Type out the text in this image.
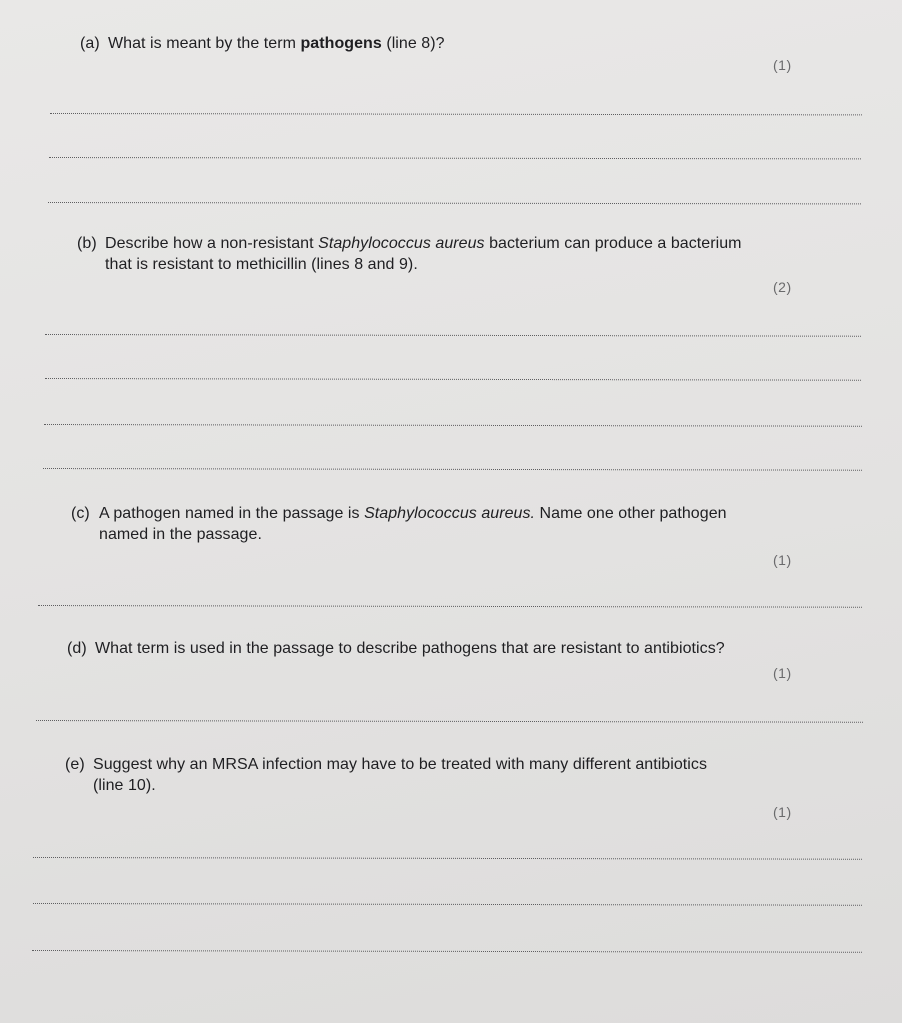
(a) What is meant by the term pathogens (line 8)?
(1)
(b) Describe how a non-resistant Staphylococcus aureus bacterium can produce a bacterium
that is resistant to methicillin (lines 8 and 9).
(2)
(c) A pathogen named in the passage is Staphylococcus aureus. Name one other pathogen
named in the passage.
(1)
(d) What term is used in the passage to describe pathogens that are resistant to antibiotics?
(1)
(e) Suggest why an MRSA infection may have to be treated with many different antibiotics
(line 10).
(1)
